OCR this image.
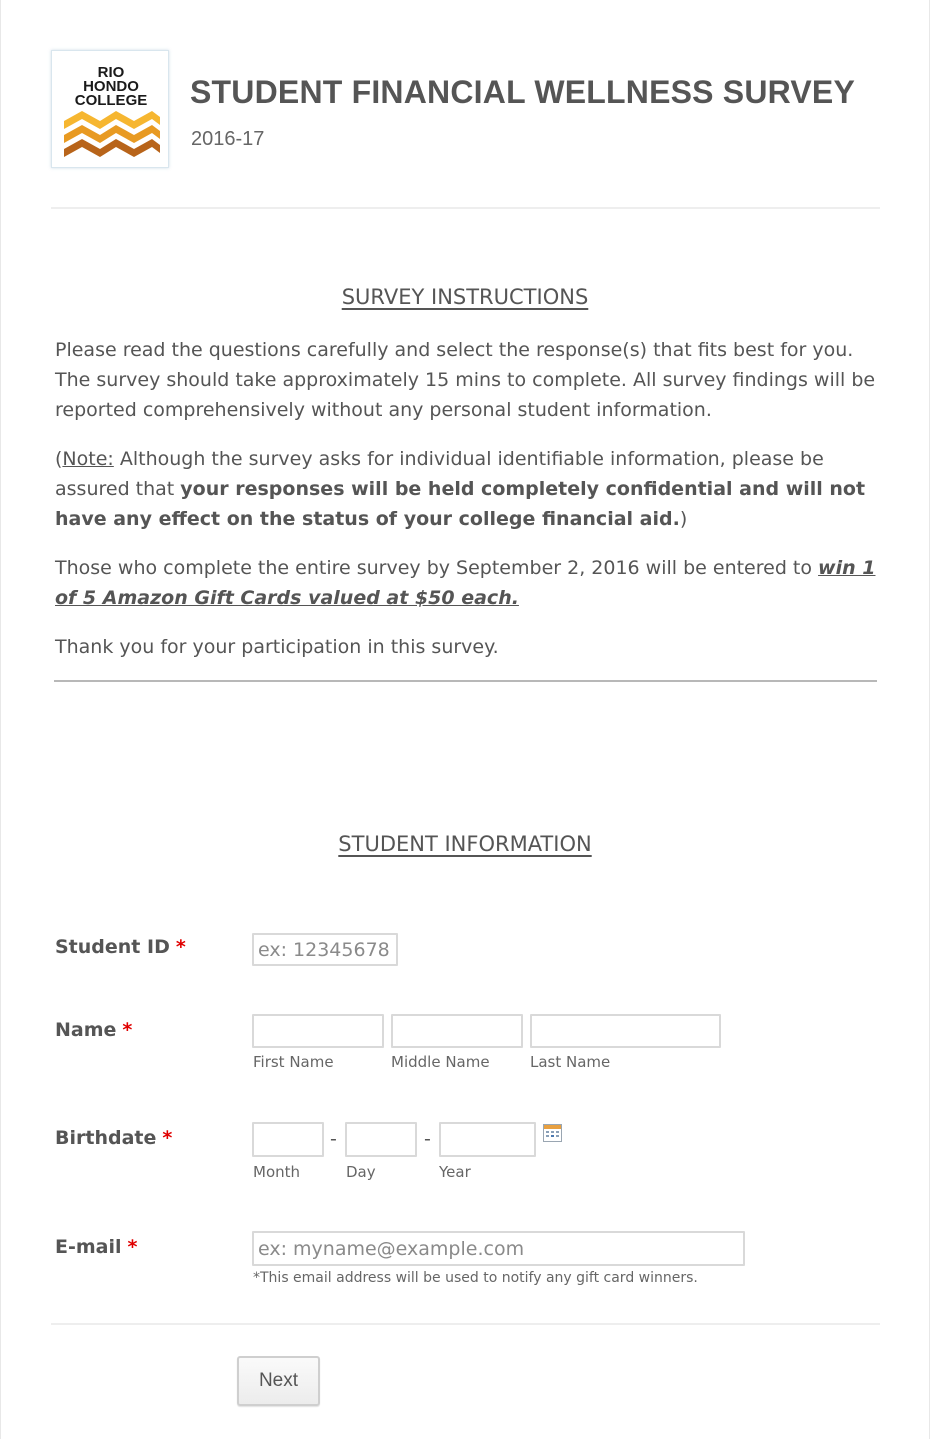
RIO
HONDO
COLLEGE STUDENT FINANCIAL WELLNESS SURVEY
2016-17
SURVEY INSTRUCTIONS

Please read the questions carefully and select the response(s) that fits best for you. The survey should take approximately 15 mins to complete. All survey findings will be reported comprehensively without any personal student information.

(Note: Although the survey asks for individual identifiable information, please be assured that your responses will be held completely confidential and will not have any effect on the status of your college financial aid.)

Those who complete the entire survey by September 2, 2016 will be entered to win 1 of 5 Amazon Gift Cards valued at $50 each.

Thank you for your participation in this survey.

STUDENT INFORMATION
Student ID *
ex: 12345678
Name *
First Name	Middle Name	Last Name
Birthdate *	-	-
Month	Day	Year
E-mail *
ex: myname@example.com
*This email address will be used to notify any gift card winners.
Next
